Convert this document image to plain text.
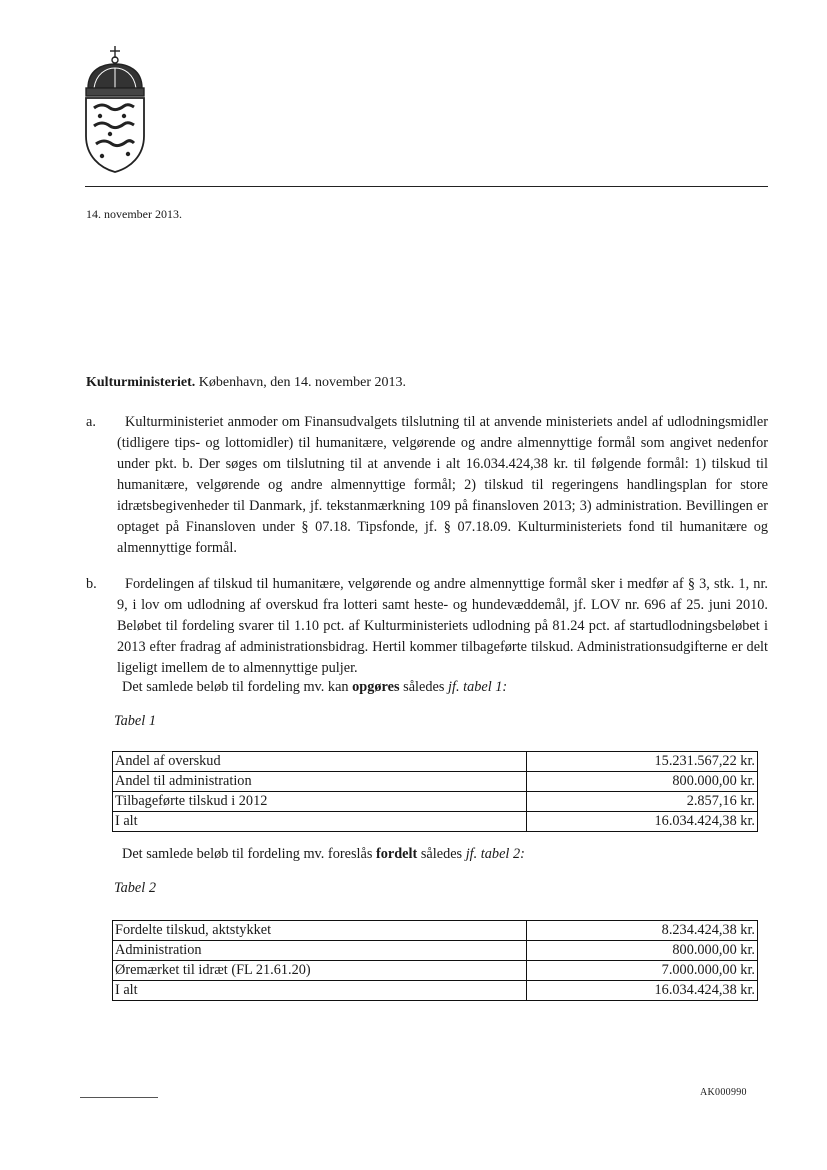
14. november 2013.
Kulturministeriet. København, den 14. november 2013.
a.	Kulturministeriet anmoder om Finansudvalgets tilslutning til at anvende ministeriets andel af udlodningsmidler (tidligere tips- og lottomidler) til humanitære, velgørende og andre almennyttige formål som angivet nedenfor under pkt. b. Der søges om tilslutning til at anvende i alt 16.034.424,38 kr. til følgende formål: 1) tilskud til humanitære, velgørende og andre almennyttige formål; 2) tilskud til regeringens handlingsplan for store idrætsbegivenheder til Danmark, jf. tekstanmærkning 109 på finansloven 2013; 3) administration. Bevillingen er optaget på Finansloven under § 07.18. Tipsfonde, jf. § 07.18.09. Kulturministeriets fond til humanitære og almennyttige formål.
b.	Fordelingen af tilskud til humanitære, velgørende og andre almennyttige formål sker i medfør af § 3, stk. 1, nr. 9, i lov om udlodning af overskud fra lotteri samt heste- og hundevæddemål, jf. LOV nr. 696 af 25. juni 2010. Beløbet til fordeling svarer til 1.10 pct. af Kulturministeriets udlodning på 81.24 pct. af startudlodningsbeløbet i 2013 efter fradrag af administrationsbidrag. Hertil kommer tilbageførte tilskud. Administrationsudgifterne er delt ligeligt imellem de to almennyttige puljer.
Det samlede beløb til fordeling mv. kan opgøres således jf. tabel 1:
Tabel 1
Andel af overskud	15.231.567,22 kr.
Andel til administration	800.000,00 kr.
Tilbageførte tilskud i 2012	2.857,16 kr.
I alt	16.034.424,38 kr.
Det samlede beløb til fordeling mv. foreslås fordelt således jf. tabel 2:
Tabel 2
Fordelte tilskud, aktstykket	8.234.424,38 kr.
Administration	800.000,00 kr.
Øremærket til idræt (FL 21.61.20)	7.000.000,00 kr.
I alt	16.034.424,38 kr.
AK000990
